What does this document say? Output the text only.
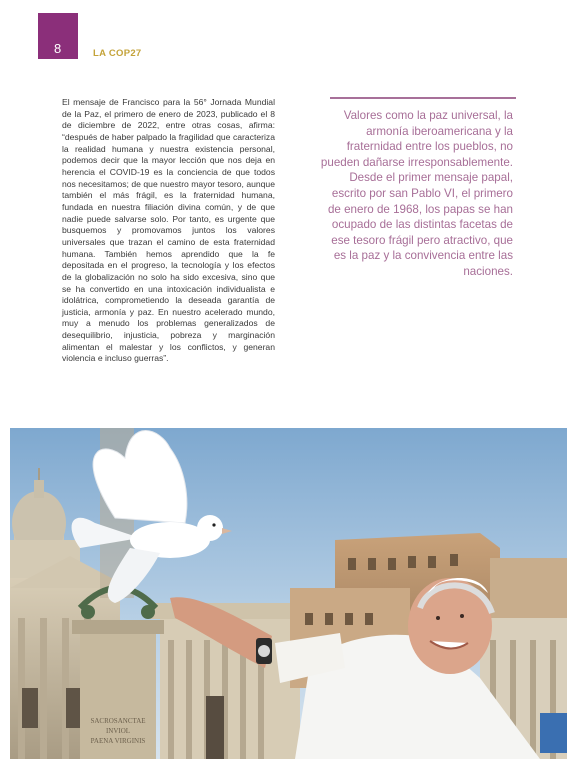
8	LA COP27

El mensaje de Francisco para la 56° Jornada Mundial de la Paz, el primero de enero de 2023, publicado el 8 de diciembre de 2022, entre otras cosas, afirma: “después de haber palpado la fragilidad que caracteriza la realidad humana y nuestra existencia personal, podemos decir que la mayor lección que nos deja en herencia el COVID-19 es la conciencia de que todos nos necesitamos; de que nuestro mayor tesoro, aunque también el más frágil, es la fraternidad humana, fundada en nuestra filiación divina común, y de que nadie puede salvarse solo. Por tanto, es urgente que busquemos y promovamos juntos los valores universales que trazan el camino de esta fraternidad humana. También hemos aprendido que la fe depositada en el progreso, la tecnología y los efectos de la globalización no solo ha sido excesiva, sino que se ha convertido en una intoxicación individualista e idolátrica, comprometiendo la deseada garantía de justicia, armonía y paz. En nuestro acelerado mundo, muy a menudo los problemas generalizados de desequilibrio, injusticia, pobreza y marginación alimentan el malestar y los conflictos, y generan violencia e incluso guerras”.

Valores como la paz universal, la armonía iberoamericana y la fraternidad entre los pueblos, no pueden dañarse irresponsablemente. Desde el primer mensaje papal, escrito por san Pablo VI, el primero de enero de 1968, los papas se han ocupado de las distintas facetas de ese tesoro frágil pero atractivo, que es la paz y la convivencia entre las naciones.

SACROSANCTAE
INVIOL
PAENA VIRGINIS
